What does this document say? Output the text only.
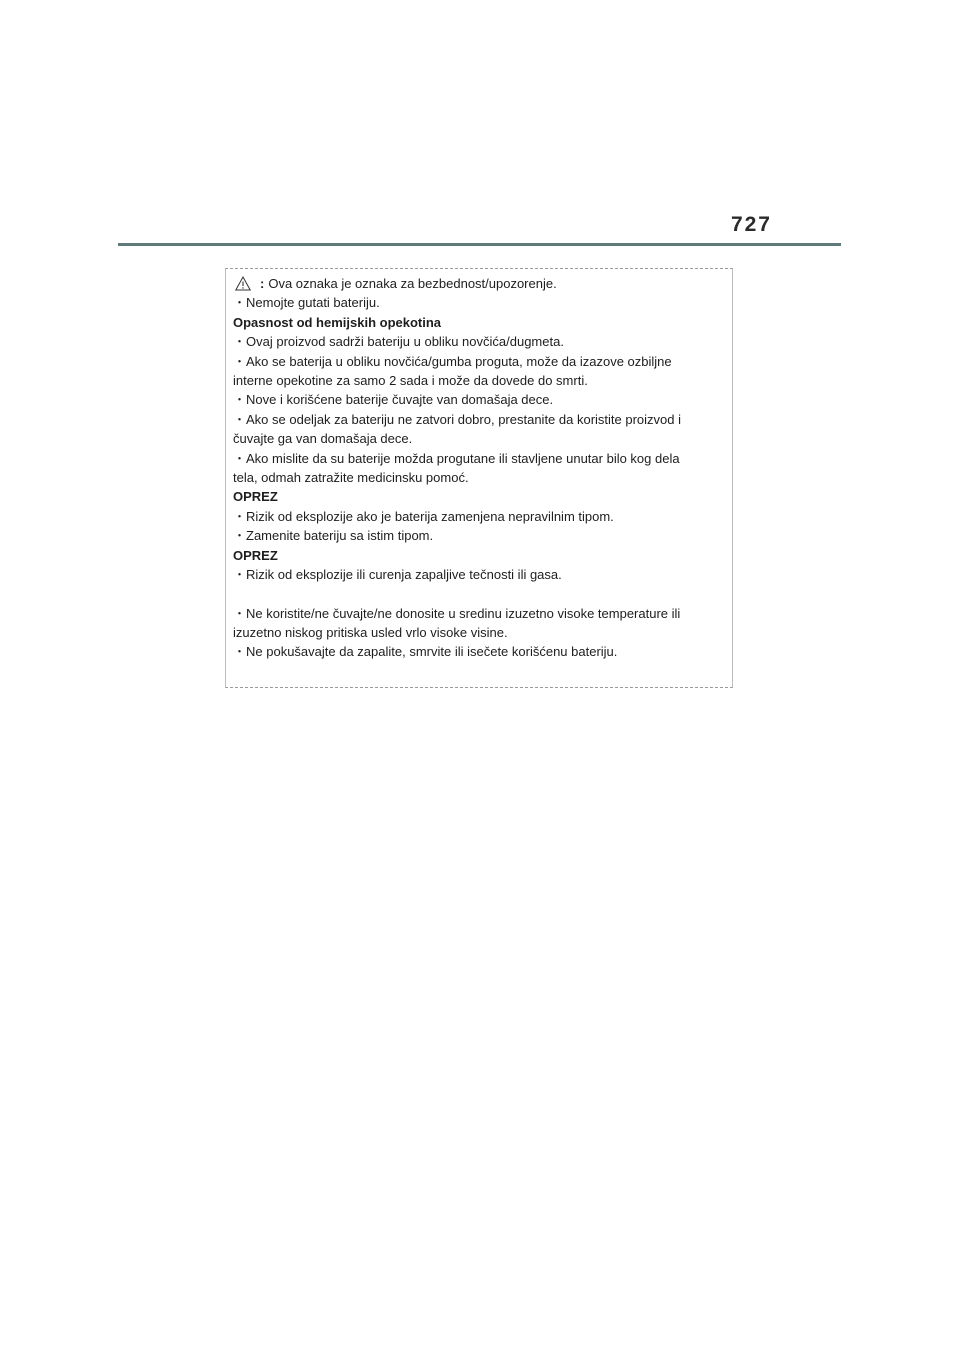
727
: Ova oznaka je oznaka za bezbednost/upozorenje.

・Nemojte gutati bateriju.

Opasnost od hemijskih opekotina

・Ovaj proizvod sadrži bateriju u obliku novčića/dugmeta.

・Ako se baterija u obliku novčića/gumba proguta, može da izazove ozbiljne

interne opekotine za samo 2 sada i može da dovede do smrti.

・Nove i korišćene baterije čuvajte van domašaja dece.

・Ako se odeljak za bateriju ne zatvori dobro, prestanite da koristite proizvod i

čuvajte ga van domašaja dece.

・Ako mislite da su baterije možda progutane ili stavljene unutar bilo kog dela

tela, odmah zatražite medicinsku pomoć.

OPREZ

・Rizik od eksplozije ako je baterija zamenjena nepravilnim tipom.

・Zamenite bateriju sa istim tipom.

OPREZ

・Rizik od eksplozije ili curenja zapaljive tečnosti ili gasa.

・Ne koristite/ne čuvajte/ne donosite u sredinu izuzetno visoke temperature ili

izuzetno niskog pritiska usled vrlo visoke visine.

・Ne pokušavajte da zapalite, smrvite ili isečete korišćenu bateriju.
